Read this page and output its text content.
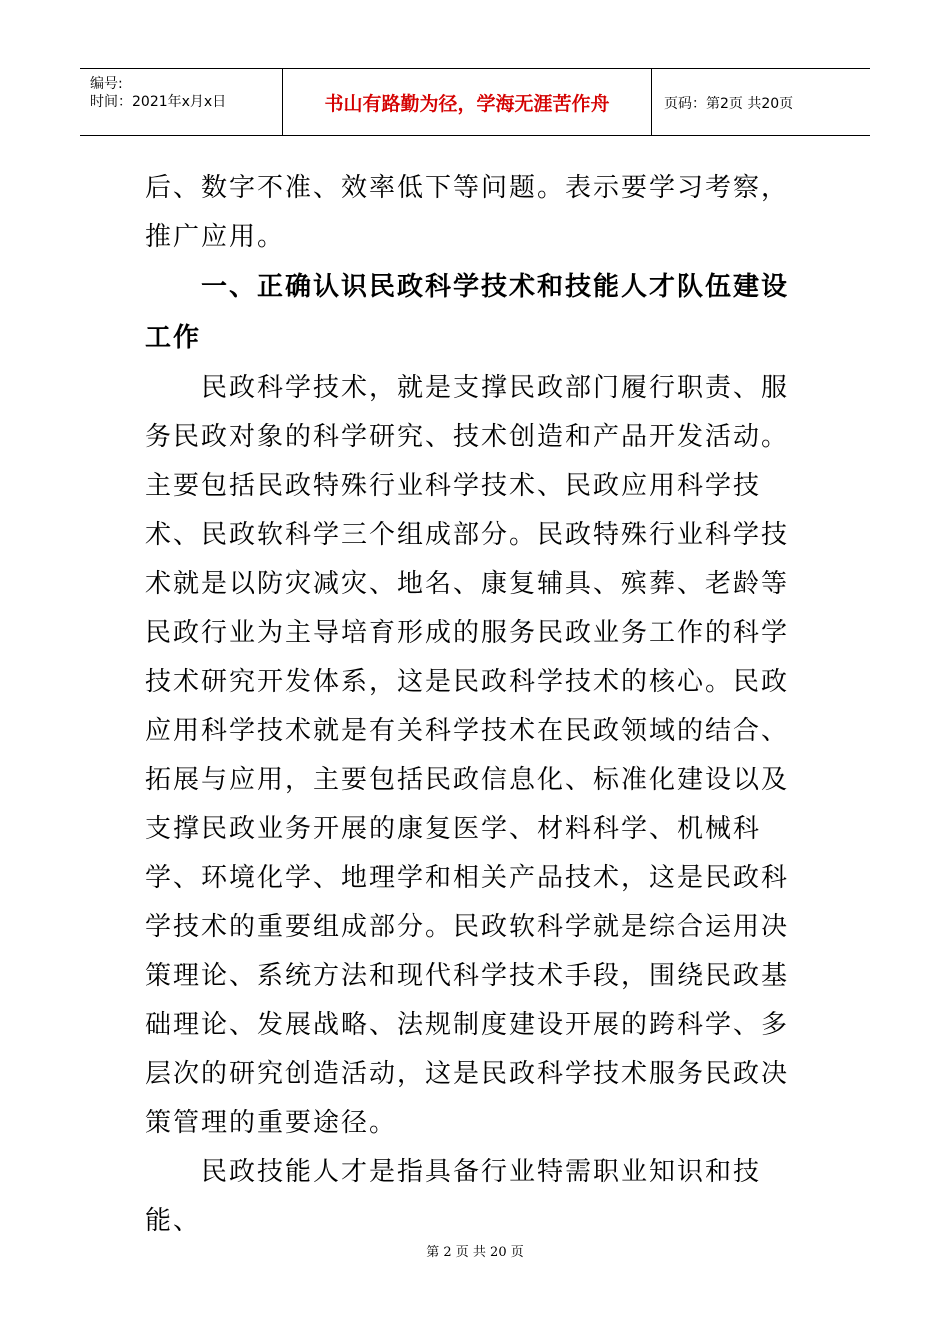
编号:
时间：2021年x月x日	书山有路勤为径，学海无涯苦作舟	页码：第2页 共20页

后、数字不准、效率低下等问题。表示要学习考察，推广应用。

一、正确认识民政科学技术和技能人才队伍建设工作

民政科学技术，就是支撑民政部门履行职责、服务民政对象的科学研究、技术创造和产品开发活动。主要包括民政特殊行业科学技术、民政应用科学技术、民政软科学三个组成部分。民政特殊行业科学技术就是以防灾减灾、地名、康复辅具、殡葬、老龄等民政行业为主导培育形成的服务民政业务工作的科学技术研究开发体系，这是民政科学技术的核心。民政应用科学技术就是有关科学技术在民政领域的结合、拓展与应用，主要包括民政信息化、标准化建设以及支撑民政业务开展的康复医学、材料科学、机械科学、环境化学、地理学和相关产品技术，这是民政科学技术的重要组成部分。民政软科学就是综合运用决策理论、系统方法和现代科学技术手段，围绕民政基础理论、发展战略、法规制度建设开展的跨科学、多层次的研究创造活动，这是民政科学技术服务民政决策管理的重要途径。

民政技能人才是指具备行业特需职业知识和技能、

第 2 页 共 20 页
